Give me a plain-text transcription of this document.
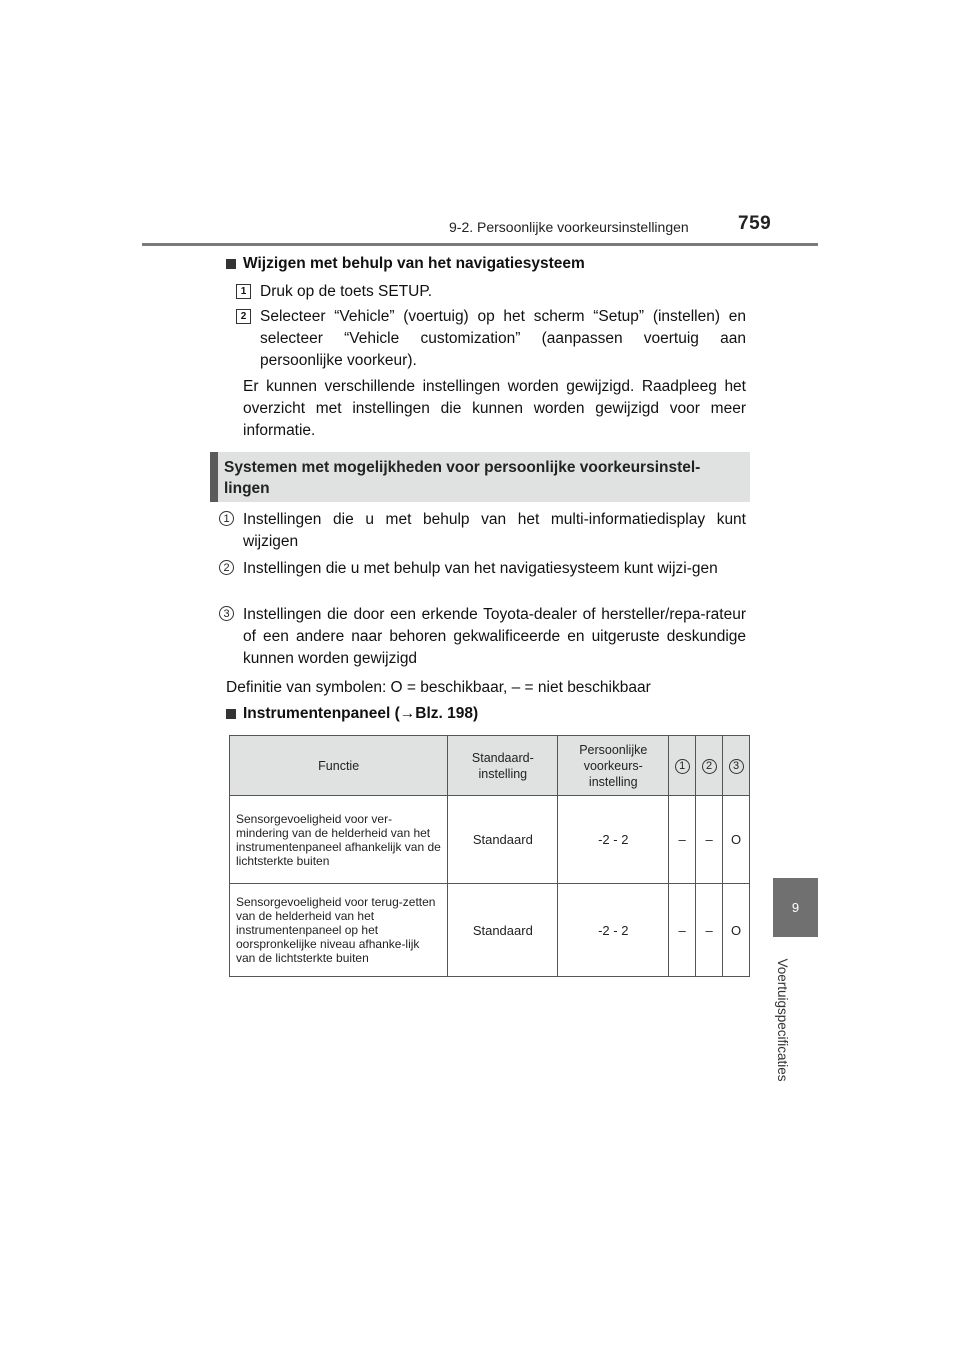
9-2. Persoonlijke voorkeursinstellingen	759
9
Voertuigspecificaties
Wijzigen met behulp van het navigatiesysteem
1 Druk op de toets SETUP.
2 Selecteer “Vehicle” (voertuig) op het scherm “Setup” (instellen) en selecteer “Vehicle customization” (aanpassen voertuig aan persoonlijke voorkeur).
Er kunnen verschillende instellingen worden gewijzigd. Raadpleeg het overzicht met instellingen die kunnen worden gewijzigd voor meer informatie.
Systemen met mogelijkheden voor persoonlijke voorkeursinstel-lingen
1 Instellingen die u met behulp van het multi-informatiedisplay kunt wijzigen
2 Instellingen die u met behulp van het navigatiesysteem kunt wijzi-gen
3 Instellingen die door een erkende Toyota-dealer of hersteller/repa-rateur of een andere naar behoren gekwalificeerde en uitgeruste deskundige kunnen worden gewijzigd
Definitie van symbolen: O = beschikbaar, – = niet beschikbaar
Instrumentenpaneel (→Blz. 198)
Functie	Standaard-instelling	Persoonlijke voorkeurs-instelling	1	2	3
Sensorgevoeligheid voor ver-mindering van de helderheid van het instrumentenpaneel afhankelijk van de lichtsterkte buiten	Standaard	-2 - 2	–	–	O
Sensorgevoeligheid voor terug-zetten van de helderheid van het instrumentenpaneel op het oorspronkelijke niveau afhanke-lijk van de lichtsterkte buiten	Standaard	-2 - 2	–	–	O
